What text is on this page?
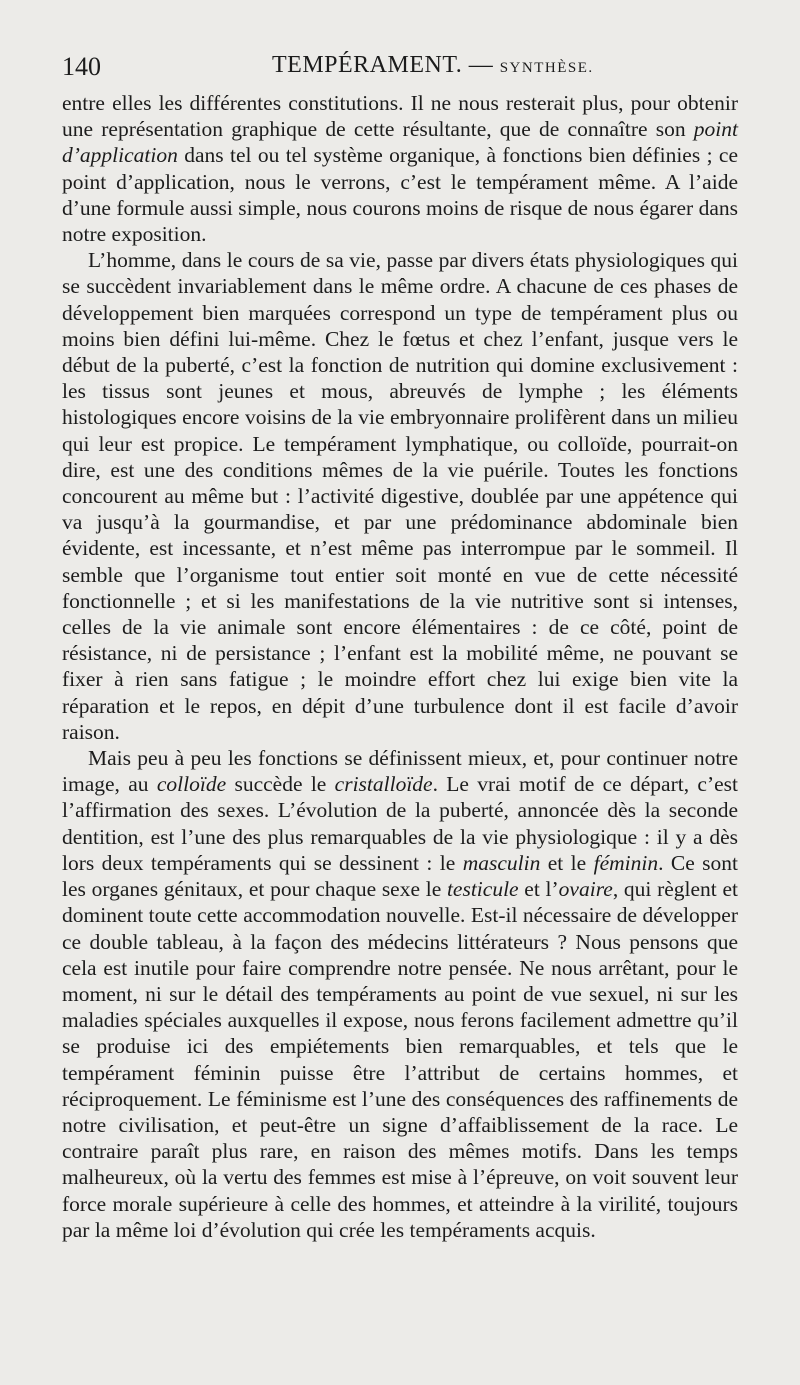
140	TEMPÉRAMENT. — SYNTHÈSE.

entre elles les différentes constitutions. Il ne nous resterait plus, pour obtenir une représentation graphique de cette résultante, que de connaître son point d’application dans tel ou tel système organique, à fonctions bien définies ; ce point d’application, nous le verrons, c’est le tempérament même. A l’aide d’une formule aussi simple, nous courons moins de risque de nous égarer dans notre exposition.

L’homme, dans le cours de sa vie, passe par divers états physiologiques qui se succèdent invariablement dans le même ordre. A chacune de ces phases de développement bien marquées correspond un type de tempérament plus ou moins bien défini lui-même. Chez le fœtus et chez l’enfant, jusque vers le début de la puberté, c’est la fonction de nutrition qui domine exclusivement : les tissus sont jeunes et mous, abreuvés de lymphe ; les éléments histologiques encore voisins de la vie embryonnaire prolifèrent dans un milieu qui leur est propice. Le tempérament lymphatique, ou colloïde, pourrait-on dire, est une des conditions mêmes de la vie puérile. Toutes les fonctions concourent au même but : l’activité digestive, doublée par une appétence qui va jusqu’à la gourmandise, et par une prédominance abdominale bien évidente, est incessante, et n’est même pas interrompue par le sommeil. Il semble que l’organisme tout entier soit monté en vue de cette nécessité fonctionnelle ; et si les manifestations de la vie nutritive sont si intenses, celles de la vie animale sont encore élémentaires : de ce côté, point de résistance, ni de persistance ; l’enfant est la mobilité même, ne pouvant se fixer à rien sans fatigue ; le moindre effort chez lui exige bien vite la réparation et le repos, en dépit d’une turbulence dont il est facile d’avoir raison.

Mais peu à peu les fonctions se définissent mieux, et, pour continuer notre image, au colloïde succède le cristalloïde. Le vrai motif de ce départ, c’est l’affirmation des sexes. L’évolution de la puberté, annoncée dès la seconde dentition, est l’une des plus remarquables de la vie physiologique : il y a dès lors deux tempéraments qui se dessinent : le masculin et le féminin. Ce sont les organes génitaux, et pour chaque sexe le testicule et l’ovaire, qui règlent et dominent toute cette accommodation nouvelle. Est-il nécessaire de développer ce double tableau, à la façon des médecins littérateurs ? Nous pensons que cela est inutile pour faire comprendre notre pensée. Ne nous arrêtant, pour le moment, ni sur le détail des tempéraments au point de vue sexuel, ni sur les maladies spéciales auxquelles il expose, nous ferons facilement admettre qu’il se produise ici des empiétements bien remarquables, et tels que le tempérament féminin puisse être l’attribut de certains hommes, et réciproquement. Le féminisme est l’une des conséquences des raffinements de notre civilisation, et peut-être un signe d’affaiblissement de la race. Le contraire paraît plus rare, en raison des mêmes motifs. Dans les temps malheureux, où la vertu des femmes est mise à l’épreuve, on voit souvent leur force morale supérieure à celle des hommes, et atteindre à la virilité, toujours par la même loi d’évolution qui crée les tempéraments acquis.
